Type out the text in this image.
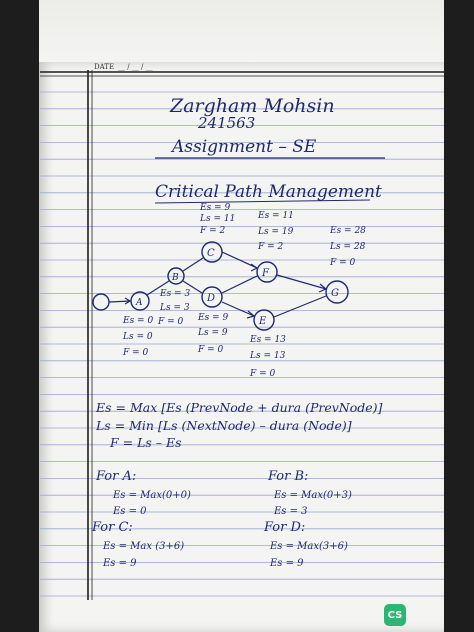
DATE __ / __ / __
Zargham Mohsin
241563
Assignment – SE
Critical Path Management
A
B
C
D
F
E
G
Es = 9
Ls = 11
F = 2
Es = 11
Ls = 19
F = 2
Es = 28
Ls = 28
F = 0
Es = 3
Ls = 3
F = 0 Es = 9
Ls = 9
F = 0
Es = 0
Ls = 0
F = 0
Es = 13
Ls = 13
F = 0
Es = Max [Es (PrevNode + dura (PrevNode)]
Ls = Min [Ls (NextNode) – dura (Node)]
F = Ls – Es
For A:
Es = Max(0+0)
Es = 0
For B:
Es = Max(0+3)
Es = 3
For C:
Es = Max (3+6)
Es = 9
For D:
Es = Max(3+6)
Es = 9
CS
